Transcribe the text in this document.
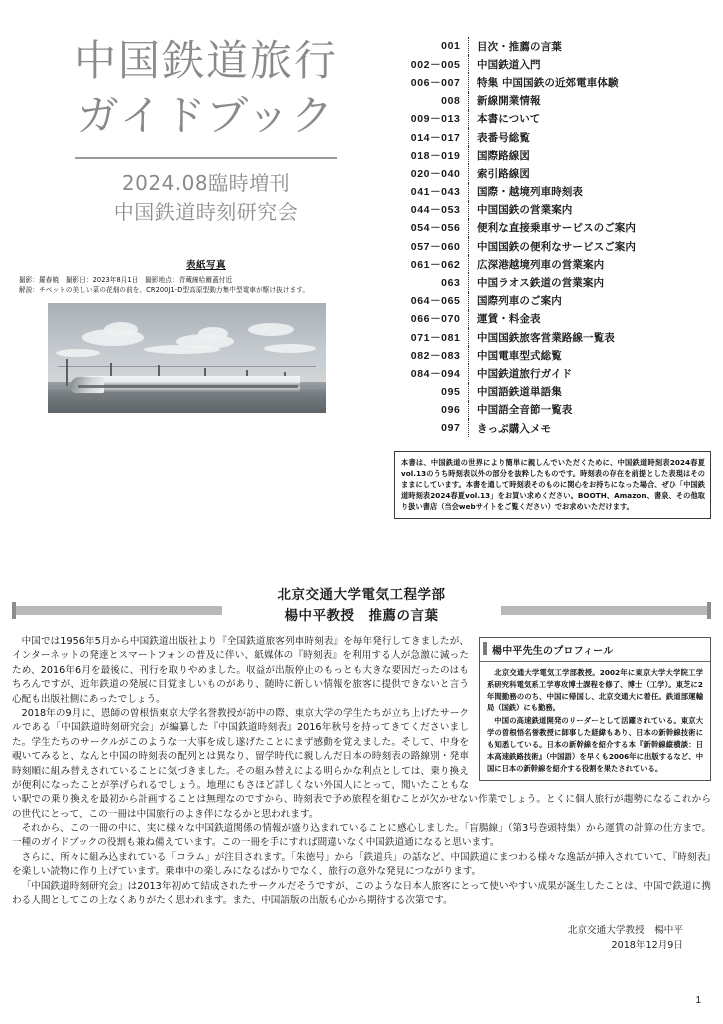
中国鉄道旅行
ガイドブック
2024.08臨時増刊
中国鉄道時刻研究会
表紙写真
撮影：羅春暁　撮影日：2023年8月1日　撮影地点：青蔵線哈爾蓋付近
解説：チベットの美しい菜の花畑の前を、CR200J1-D型高原型動力集中型電車が駆け抜けます。
001		目次・推薦の言葉
002－005		中国鉄道入門
006－007		特集 中国国鉄の近郊電車体験
008		新線開業情報
009－013		本書について
014－017		表番号総覧
018－019		国際路線図
020－040		索引路線図
041－043		国際・越境列車時刻表
044－053		中国国鉄の営業案内
054－056		便利な直接乗車サービスのご案内
057－060		中国国鉄の便利なサービスご案内
061－062		広深港越境列車の営業案内
063		中国ラオス鉄道の営業案内
064－065		国際列車のご案内
066－070		運賃・料金表
071－081		中国国鉄旅客営業路線一覧表
082－083		中国電車型式総覧
084－094		中国鉄道旅行ガイド
095		中国語鉄道単語集
096		中国語全音節一覧表
097		きっぷ購入メモ
本書は、中国鉄道の世界により簡単に親しんでいただくために、中国鉄道時刻表2024春夏vol.13のうち時刻表以外の部分を抜粋したものです。時刻表の存在を前提とした表現はそのままにしています。本書を通して時刻表そのものに関心をお持ちになった場合、ぜひ「中国鉄道時刻表2024春夏vol.13」をお買い求めください。BOOTH、Amazon、書泉、その他取り扱い書店（当会webサイトをご覧ください）でお求めいただけます。
北京交通大学電気工程学部
楊中平教授　推薦の言葉
楊中平先生のプロフィール

北京交通大学電気工学部教授。2002年に東京大学大学院工学系研究科電気系工学専攻博士課程を修了、博士（工学）。東芝に2年間勤務ののち、中国に帰国し、北京交通大に着任。鉄道部運輸局（国鉄）にも勤務。

中国の高速鉄道開発のリーダーとして活躍されている。東京大学の曽根悟名誉教授に師事した経緯もあり、日本の新幹線技術にも知悉している。日本の新幹線を紹介する本『新幹線縦横談：日本高速鉄路技術』（中国語）を早くも2006年に出版するなど、中国に日本の新幹線を紹介する役割を果たされている。

中国では1956年5月から中国鉄道出版社より『全国鉄道旅客列車時刻表』を毎年発行してきましたが、インターネットの発達とスマートフォンの普及に伴い、紙媒体の『時刻表』を利用する人が急激に減ったため、2016年6月を最後に、刊行を取りやめました。収益が出版停止のもっとも大きな要因だったのはもちろんですが、近年鉄道の発展に目覚ましいものがあり、随時に新しい情報を旅客に提供できないと言う心配も出版社側にあったでしょう。

2018年の9月に、恩師の曽根悟東京大学名誉教授が訪中の際、東京大学の学生たちが立ち上げたサークルである「中国鉄道時刻研究会」が編纂した『中国鉄道時刻表』2016年秋号を持ってきてくださいました。学生たちのサークルがこのような一大事を成し遂げたことにまず感動を覚えました。そして、中身を覗いてみると、なんと中国の時刻表の配列とは異なり、留学時代に親しんだ日本の時刻表の路線別・発車時刻順に組み替えされていることに気づきました。その組み替えによる明らかな利点としては、乗り換えが便利になったことが挙げられるでしょう。地理にもさほど詳しくない外国人にとって、聞いたこともない駅での乗り換えを最初から計画することは無理なのですから、時刻表で予め旅程を組むことが欠かせない作業でしょう。とくに個人旅行が趨勢になるこれからの世代にとって、この一冊は中国旅行のよき伴になるかと思われます。

それから、この一冊の中に、実に様々な中国鉄道関係の情報が盛り込まれていることに感心しました。「盲腸線」（第3号巻頭特集）から運賃の計算の仕方まで。一種のガイドブックの役割も兼ね備えています。この一冊を手にすれば間違いなく中国鉄道通になると思います。

さらに、所々に組み込まれている「コラム」が注目されます。「朱徳号」から「鉄道兵」の話など、中国鉄道にまつわる様々な逸話が挿入されていて、『時刻表』を楽しい読物に作り上げています。乗車中の楽しみになるばかりでなく、旅行の意外な発見につながります。

「中国鉄道時刻研究会」は2013年初めて結成されたサークルだそうですが、このような日本人旅客にとって使いやすい成果が誕生したことは、中国で鉄道に携わる人間としてこの上なくありがたく思われます。また、中国語版の出版も心から期待する次第です。

北京交通大学教授　楊中平
2018年12月9日
1
